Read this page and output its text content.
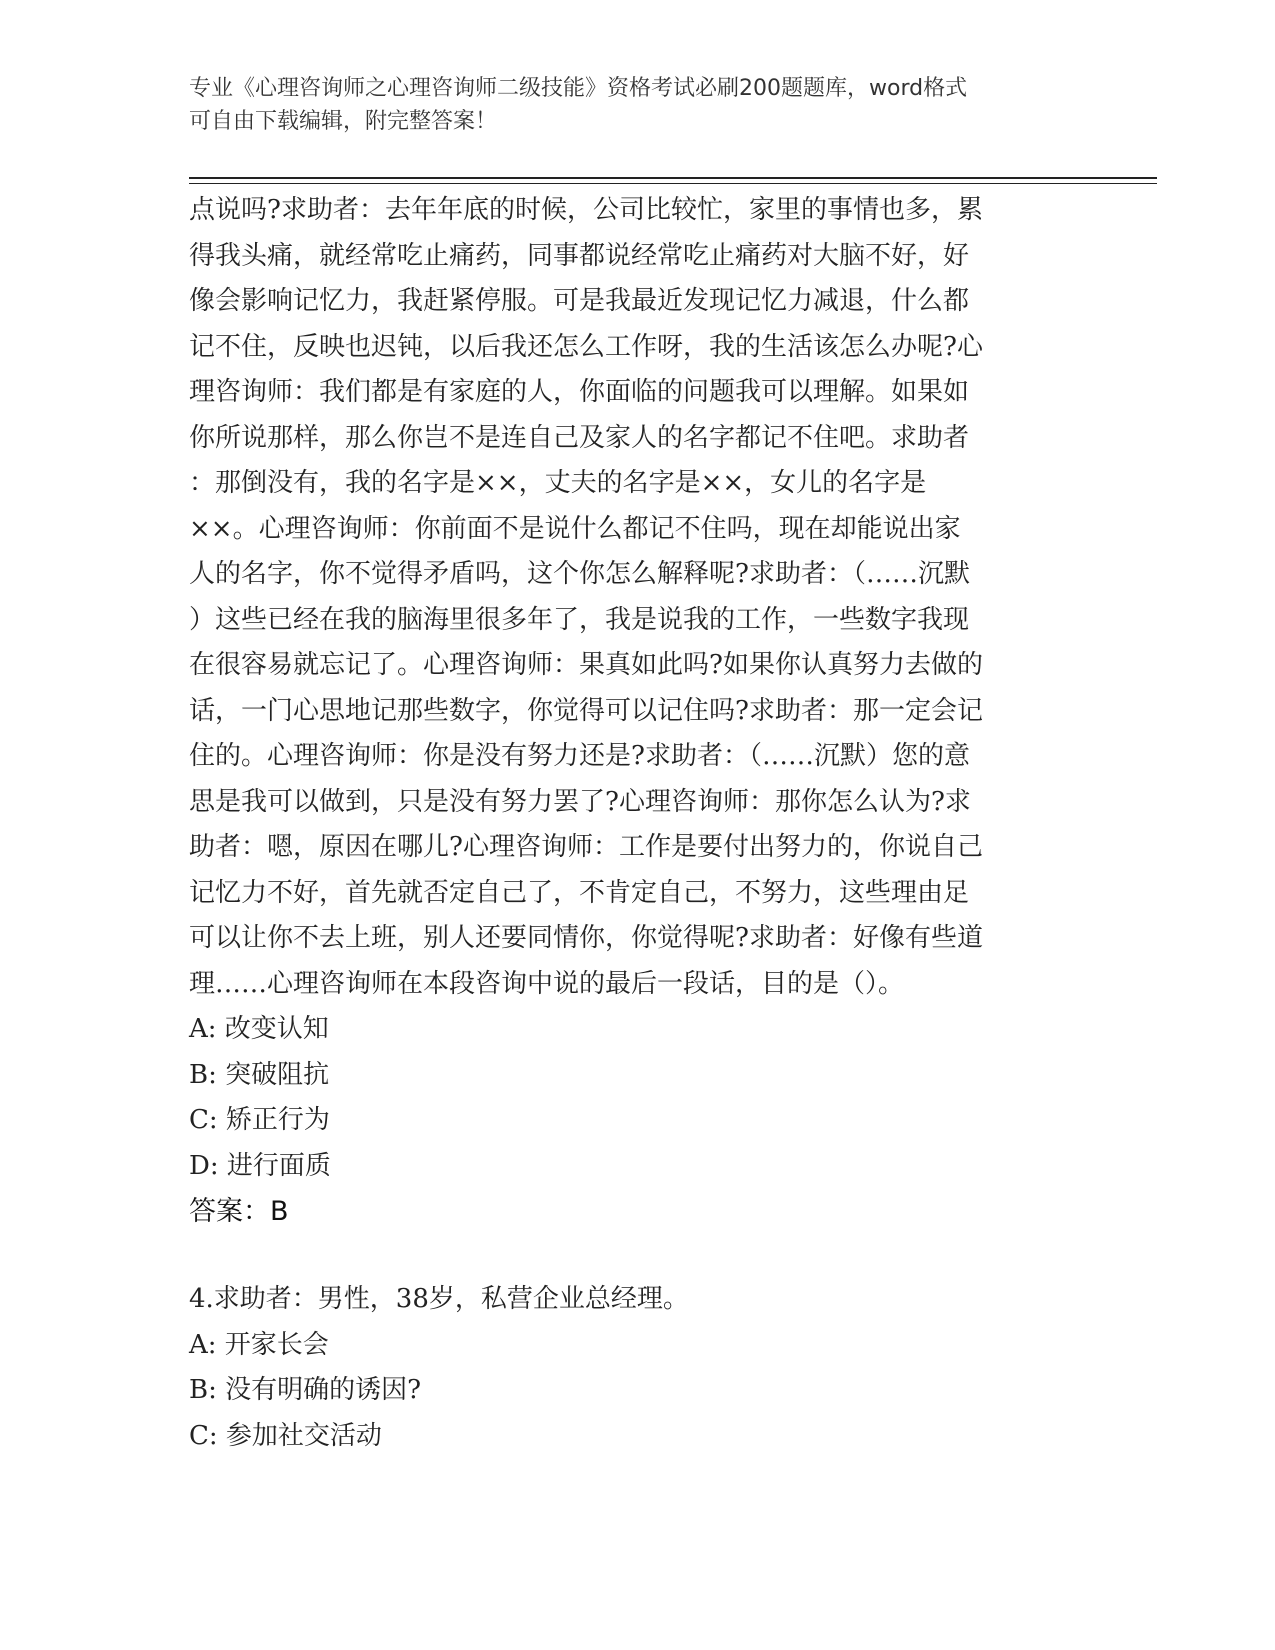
专业《心理咨询师之心理咨询师二级技能》资格考试必刷200题题库，word格式
可自由下载编辑，附完整答案！

点说吗?求助者：去年年底的时候，公司比较忙，家里的事情也多，累

得我头痛，就经常吃止痛药，同事都说经常吃止痛药对大脑不好，好

像会影响记忆力，我赶紧停服。可是我最近发现记忆力减退，什么都

记不住，反映也迟钝，以后我还怎么工作呀，我的生活该怎么办呢?心

理咨询师：我们都是有家庭的人，你面临的问题我可以理解。如果如

你所说那样，那么你岂不是连自己及家人的名字都记不住吧。求助者

：那倒没有，我的名字是××，丈夫的名字是××，女儿的名字是

××。心理咨询师：你前面不是说什么都记不住吗，现在却能说出家

人的名字，你不觉得矛盾吗，这个你怎么解释呢?求助者：（……沉默

）这些已经在我的脑海里很多年了，我是说我的工作，一些数字我现

在很容易就忘记了。心理咨询师：果真如此吗?如果你认真努力去做的

话，一门心思地记那些数字，你觉得可以记住吗?求助者：那一定会记

住的。心理咨询师：你是没有努力还是?求助者：（……沉默）您的意

思是我可以做到，只是没有努力罢了?心理咨询师：那你怎么认为?求

助者：嗯，原因在哪儿?心理咨询师：工作是要付出努力的，你说自己

记忆力不好，首先就否定自己了，不肯定自己，不努力，这些理由足

可以让你不去上班，别人还要同情你，你觉得呢?求助者：好像有些道

理……心理咨询师在本段咨询中说的最后一段话，目的是（）。

A: 改变认知

B: 突破阻抗

C: 矫正行为

D: 进行面质

答案：B

4.求助者：男性，38岁，私营企业总经理。

A: 开家长会

B: 没有明确的诱因?

C: 参加社交活动
